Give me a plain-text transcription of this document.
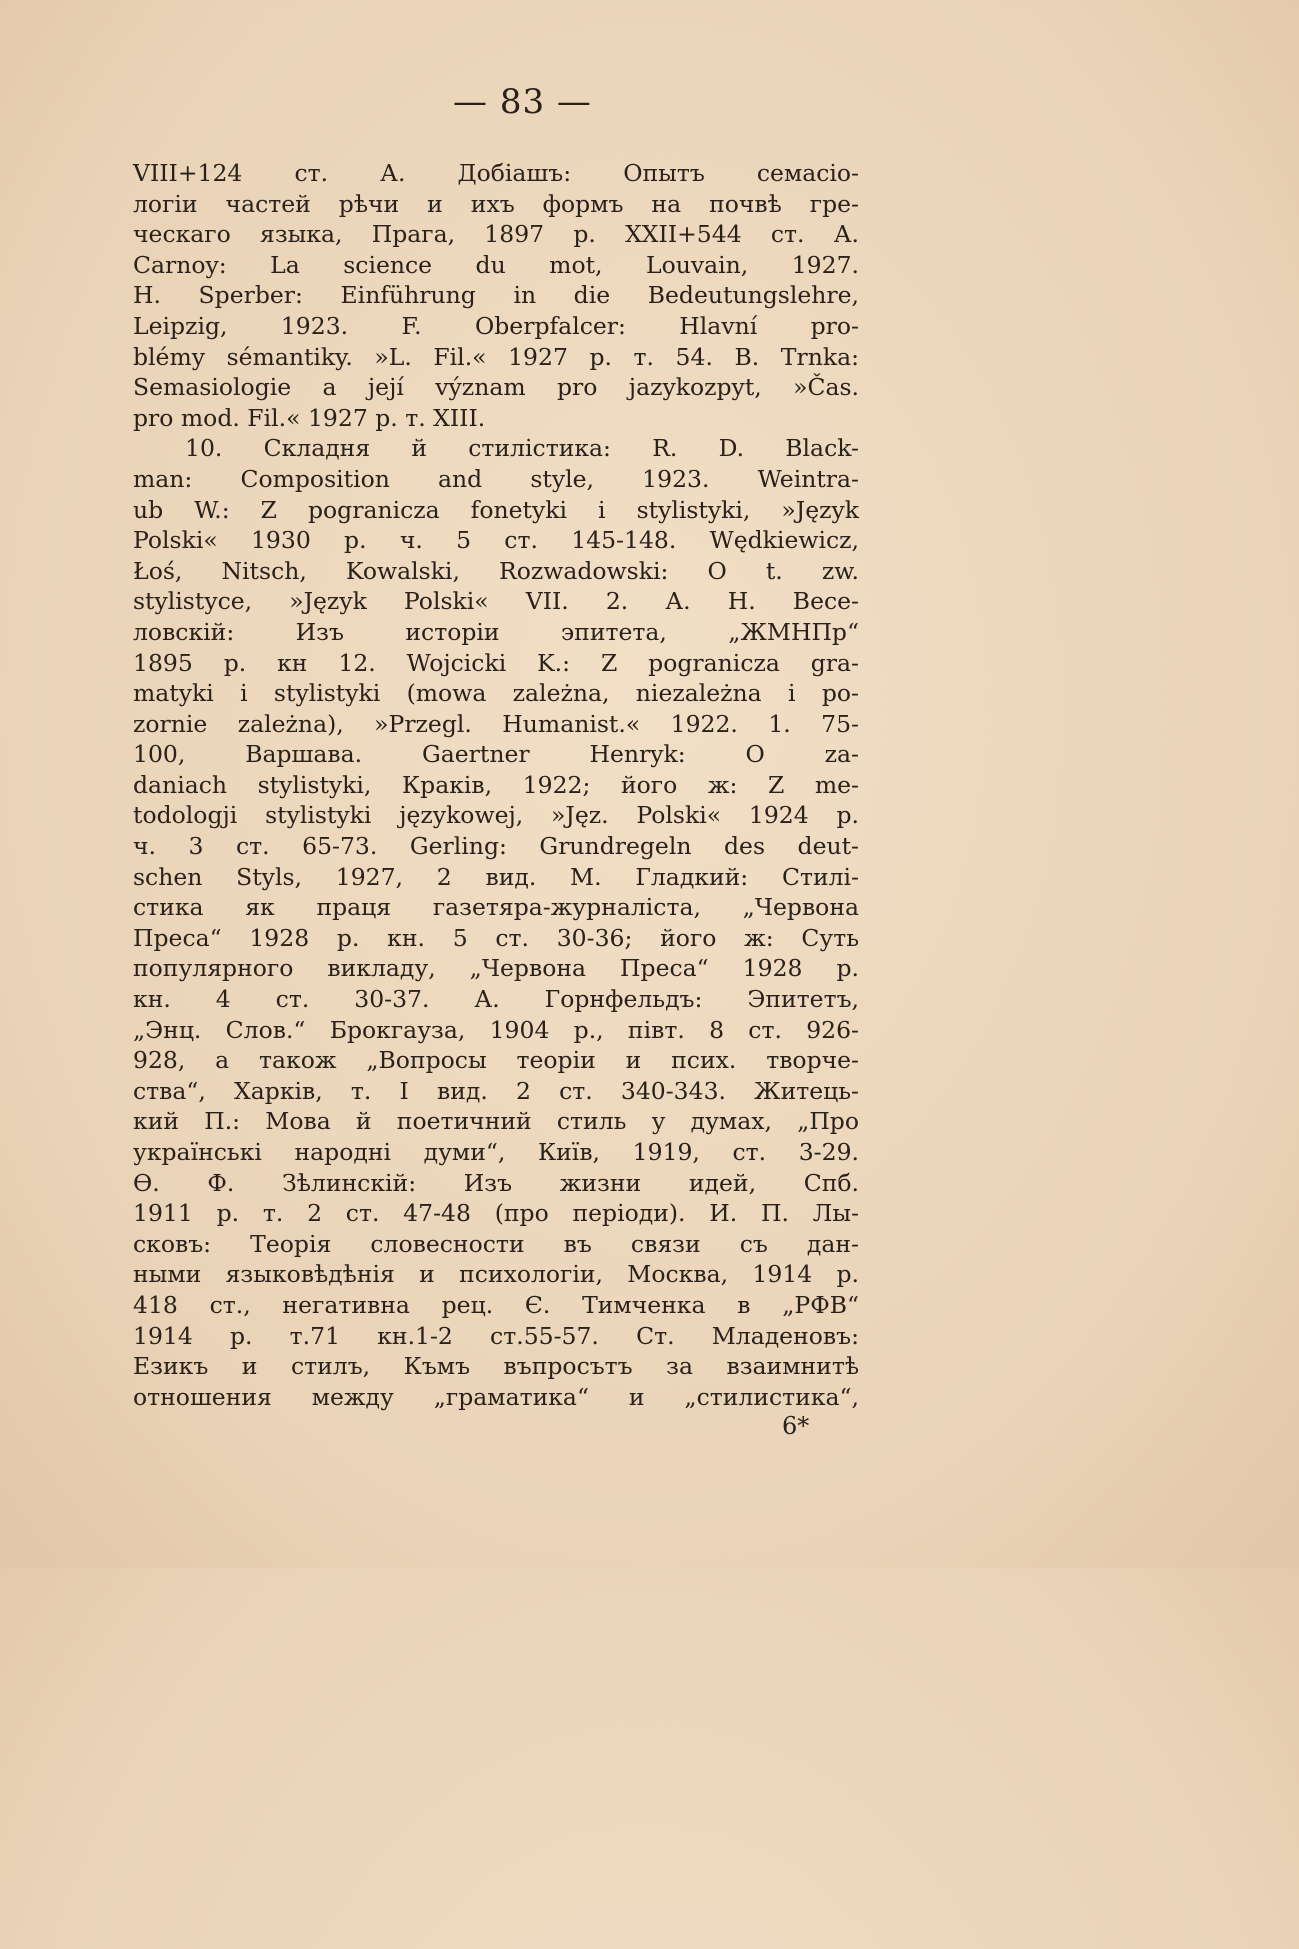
— 83 —
VIII+124 ст. А. Добiашъ: Опытъ семасiо-
логiи частей рѣчи и ихъ формъ на почвѣ гре-
ческаго языка, Прага, 1897 р. XXII+544 ст. А.
Carnoy: La science du mot, Louvain, 1927.
H. Sperber: Einführung in die Bedeutungslehre,
Leipzig, 1923. F. Oberpfalcer: Hlavní pro-
blémy sémantiky. »L. Fil.« 1927 р. т. 54. B. Trnka:
Semasiologie a její význam pro jazykozpyt, »Čas.
pro mod. Fil.« 1927 р. т. XIII.
10. Складня й стилістика: R. D. Black-
man: Composition and style, 1923. Weintra-
ub W.: Z pogranicza fonetyki i stylistyki, »Język
Polski« 1930 р. ч. 5 ст. 145-148. Wędkiewicz,
Łoś, Nitsch, Kowalski, Rozwadowski: O t. zw.
stylistyce, »Język Polski« VII. 2. А. Н. Весе-
ловскiй: Изъ исторiи эпитета, „ЖМНПр“
1895 р. кн 12. Wojcicki K.: Z pogranicza gra-
matyki i stylistyki (mowa zależna, niezależna i po-
zornie zależna), »Przegl. Humanist.« 1922. 1. 75-
100, Варшава. Gaertner Henryk: O za-
daniach stylistyki, Краків, 1922; його ж: Z me-
todologji stylistyki językowej, »Jęz. Polski« 1924 р.
ч. 3 ст. 65-73. Gerling: Grundregeln des deut-
schen Styls, 1927, 2 вид. М. Гладкий: Стилі-
стика як праця газетяра-журналіста, „Червона
Преса“ 1928 р. кн. 5 ст. 30-36; його ж: Суть
популярного викладу, „Червона Преса“ 1928 р.
кн. 4 ст. 30-37. А. Горнфельдъ: Эпитетъ,
„Энц. Слов.“ Брокгауза, 1904 р., півт. 8 ст. 926-
928, а також „Вопросы теорiи и псих. творче-
ства“, Харків, т. I вид. 2 ст. 340-343. Житець-
кий П.: Мова й поетичний стиль у думах, „Про
українські народні думи“, Київ, 1919, ст. 3-29.
Ѳ. Ф. Зѣлинскiй: Изъ жизни идей, Спб.
1911 р. т. 2 ст. 47-48 (про періоди). И. П. Лы-
сковъ: Теорiя словесности въ связи съ дан-
ными языковѣдѣнiя и психологiи, Москва, 1914 р.
418 ст., негативна рец. Є. Тимченка в „РФВ“
1914 р. т.71 кн.1-2 ст.55-57. Ст. Младеновъ:
Езикъ и стилъ, Къмъ въпросътъ за взаимнитѣ
отношения между „граматика“ и „стилистика“,
6*
